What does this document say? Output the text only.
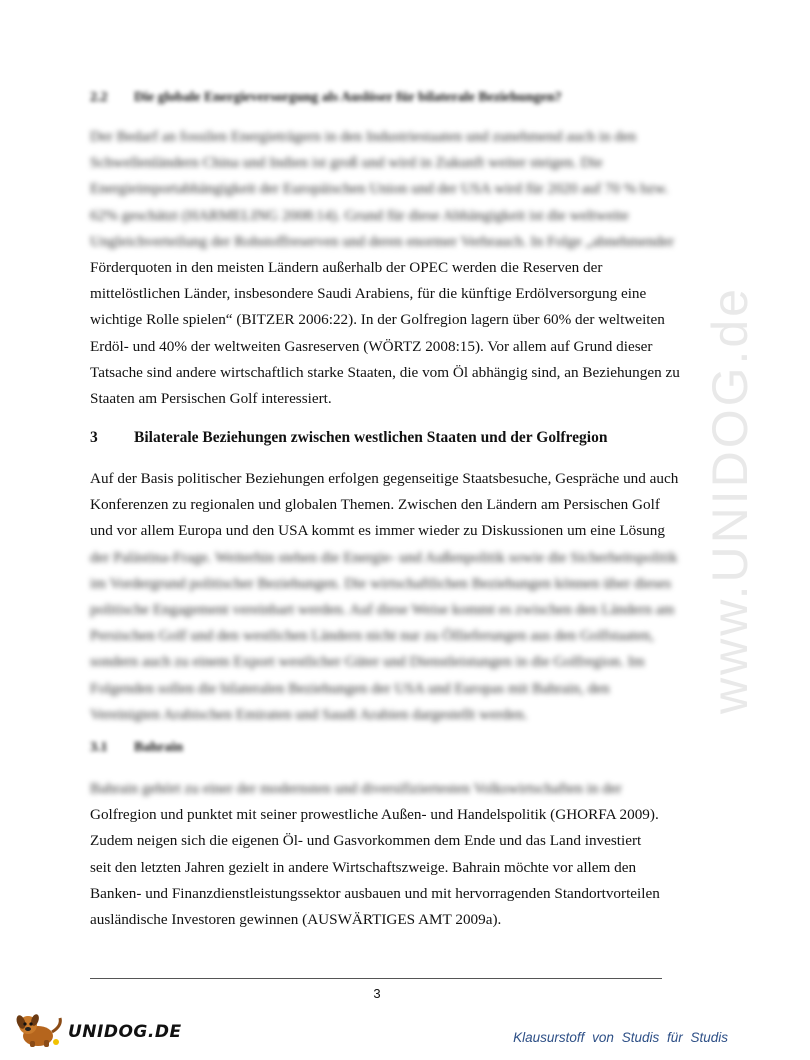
www.UNIDOG.de

2.2 Die globale Energieversorgung als Auslöser für bilaterale Beziehungen?

Der Bedarf an fossilen Energieträgern in den Industriestaaten und zunehmend auch in den
Schwellenländern China und Indien ist groß und wird in Zukunft weiter steigen. Die
Energieimportabhängigkeit der Europäischen Union und der USA wird für 2020 auf 70 % bzw.
62% geschätzt (HARMELING 2008:14). Grund für diese Abhängigkeit ist die weltweite
Ungleichverteilung der Rohstoffreserven und deren enormer Verbrauch. In Folge „abnehmender
Förderquoten in den meisten Ländern außerhalb der OPEC werden die Reserven der
mittelöstlichen Länder, insbesondere Saudi Arabiens, für die künftige Erdölversorgung eine
wichtige Rolle spielen“ (BITZER 2006:22). In der Golfregion lagern über 60% der weltweiten
Erdöl- und 40% der weltweiten Gasreserven (WÖRTZ 2008:15). Vor allem auf Grund dieser
Tatsache sind andere wirtschaftlich starke Staaten, die vom Öl abhängig sind, an Beziehungen zu
Staaten am Persischen Golf interessiert.

3 Bilaterale Beziehungen zwischen westlichen Staaten und der Golfregion

Auf der Basis politischer Beziehungen erfolgen gegenseitige Staatsbesuche, Gespräche und auch
Konferenzen zu regionalen und globalen Themen. Zwischen den Ländern am Persischen Golf
und vor allem Europa und den USA kommt es immer wieder zu Diskussionen um eine Lösung
der Palästina-Frage. Weiterhin stehen die Energie- und Außenpolitik sowie die Sicherheitspolitik
im Vordergrund politischer Beziehungen. Die wirtschaftlichen Beziehungen können über dieses
politische Engagement vereinbart werden. Auf diese Weise kommt es zwischen den Ländern am
Persischen Golf und den westlichen Ländern nicht nur zu Öllieferungen aus den Golfstaaten,
sondern auch zu einem Export westlicher Güter und Dienstleistungen in die Golfregion. Im
Folgenden sollen die bilateralen Beziehungen der USA und Europas mit Bahrain, den
Vereinigten Arabischen Emiraten und Saudi Arabien dargestellt werden.

3.1 Bahrain

Bahrain gehört zu einer der modernsten und diversifiziertesten Volkswirtschaften in der
Golfregion und punktet mit seiner prowestliche Außen- und Handelspolitik (GHORFA 2009).
Zudem neigen sich die eigenen Öl- und Gasvorkommen dem Ende und das Land investiert
seit den letzten Jahren gezielt in andere Wirtschaftszweige. Bahrain möchte vor allem den
Banken- und Finanzdienstleistungssektor ausbauen und mit hervorragenden Standortvorteilen
ausländische Investoren gewinnen (AUSWÄRTIGES AMT 2009a).
3
UNIDOG.DE	Klausurstoff von Studis für Studis
